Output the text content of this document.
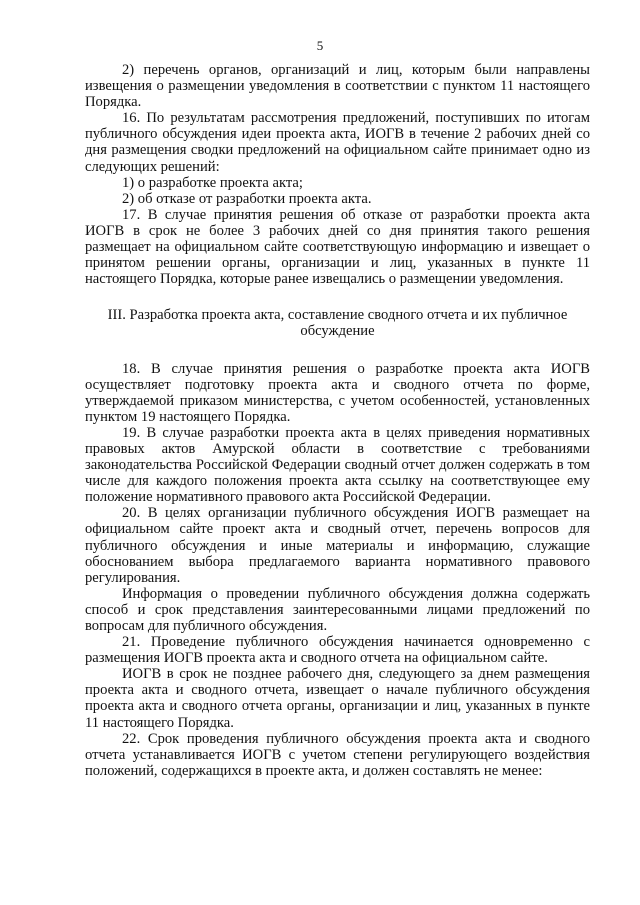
5

2) перечень органов, организаций и лиц, которым были направлены извещения о размещении уведомления в соответствии с пунктом 11 настоящего Порядка.

16. По результатам рассмотрения предложений, поступивших по итогам публичного обсуждения идеи проекта акта, ИОГВ в течение 2 рабочих дней со дня размещения сводки предложений на официальном сайте принимает одно из следующих решений:

1) о разработке проекта акта;

2) об отказе от разработки проекта акта.

17. В случае принятия решения об отказе от разработки проекта акта ИОГВ в срок не более 3 рабочих дней со дня принятия такого решения размещает на официальном сайте соответствующую информацию и извещает о принятом решении органы, организации и лиц, указанных в пункте 11 настоящего Порядка, которые ранее извещались о размещении уведомления.

III. Разработка проекта акта, составление сводного отчета и их публичное обсуждение

18. В случае принятия решения о разработке проекта акта ИОГВ осуществляет подготовку проекта акта и сводного отчета по форме, утверждаемой приказом министерства, с учетом особенностей, установленных пунктом 19 настоящего Порядка.

19. В случае разработки проекта акта в целях приведения нормативных правовых актов Амурской области в соответствие с требованиями законодательства Российской Федерации сводный отчет должен содержать в том числе для каждого положения проекта акта ссылку на соответствующее ему положение нормативного правового акта Российской Федерации.

20. В целях организации публичного обсуждения ИОГВ размещает на официальном сайте проект акта и сводный отчет, перечень вопросов для публичного обсуждения и иные материалы и информацию, служащие обоснованием выбора предлагаемого варианта нормативного правового регулирования.

Информация о проведении публичного обсуждения должна содержать способ и срок представления заинтересованными лицами предложений по вопросам для публичного обсуждения.

21. Проведение публичного обсуждения начинается одновременно с размещения ИОГВ проекта акта и сводного отчета на официальном сайте.

ИОГВ в срок не позднее рабочего дня, следующего за днем размещения проекта акта и сводного отчета, извещает о начале публичного обсуждения проекта акта и сводного отчета органы, организации и лиц, указанных в пункте 11 настоящего Порядка.

22. Срок проведения публичного обсуждения проекта акта и сводного отчета устанавливается ИОГВ с учетом степени регулирующего воздействия положений, содержащихся в проекте акта, и должен составлять не менее:
